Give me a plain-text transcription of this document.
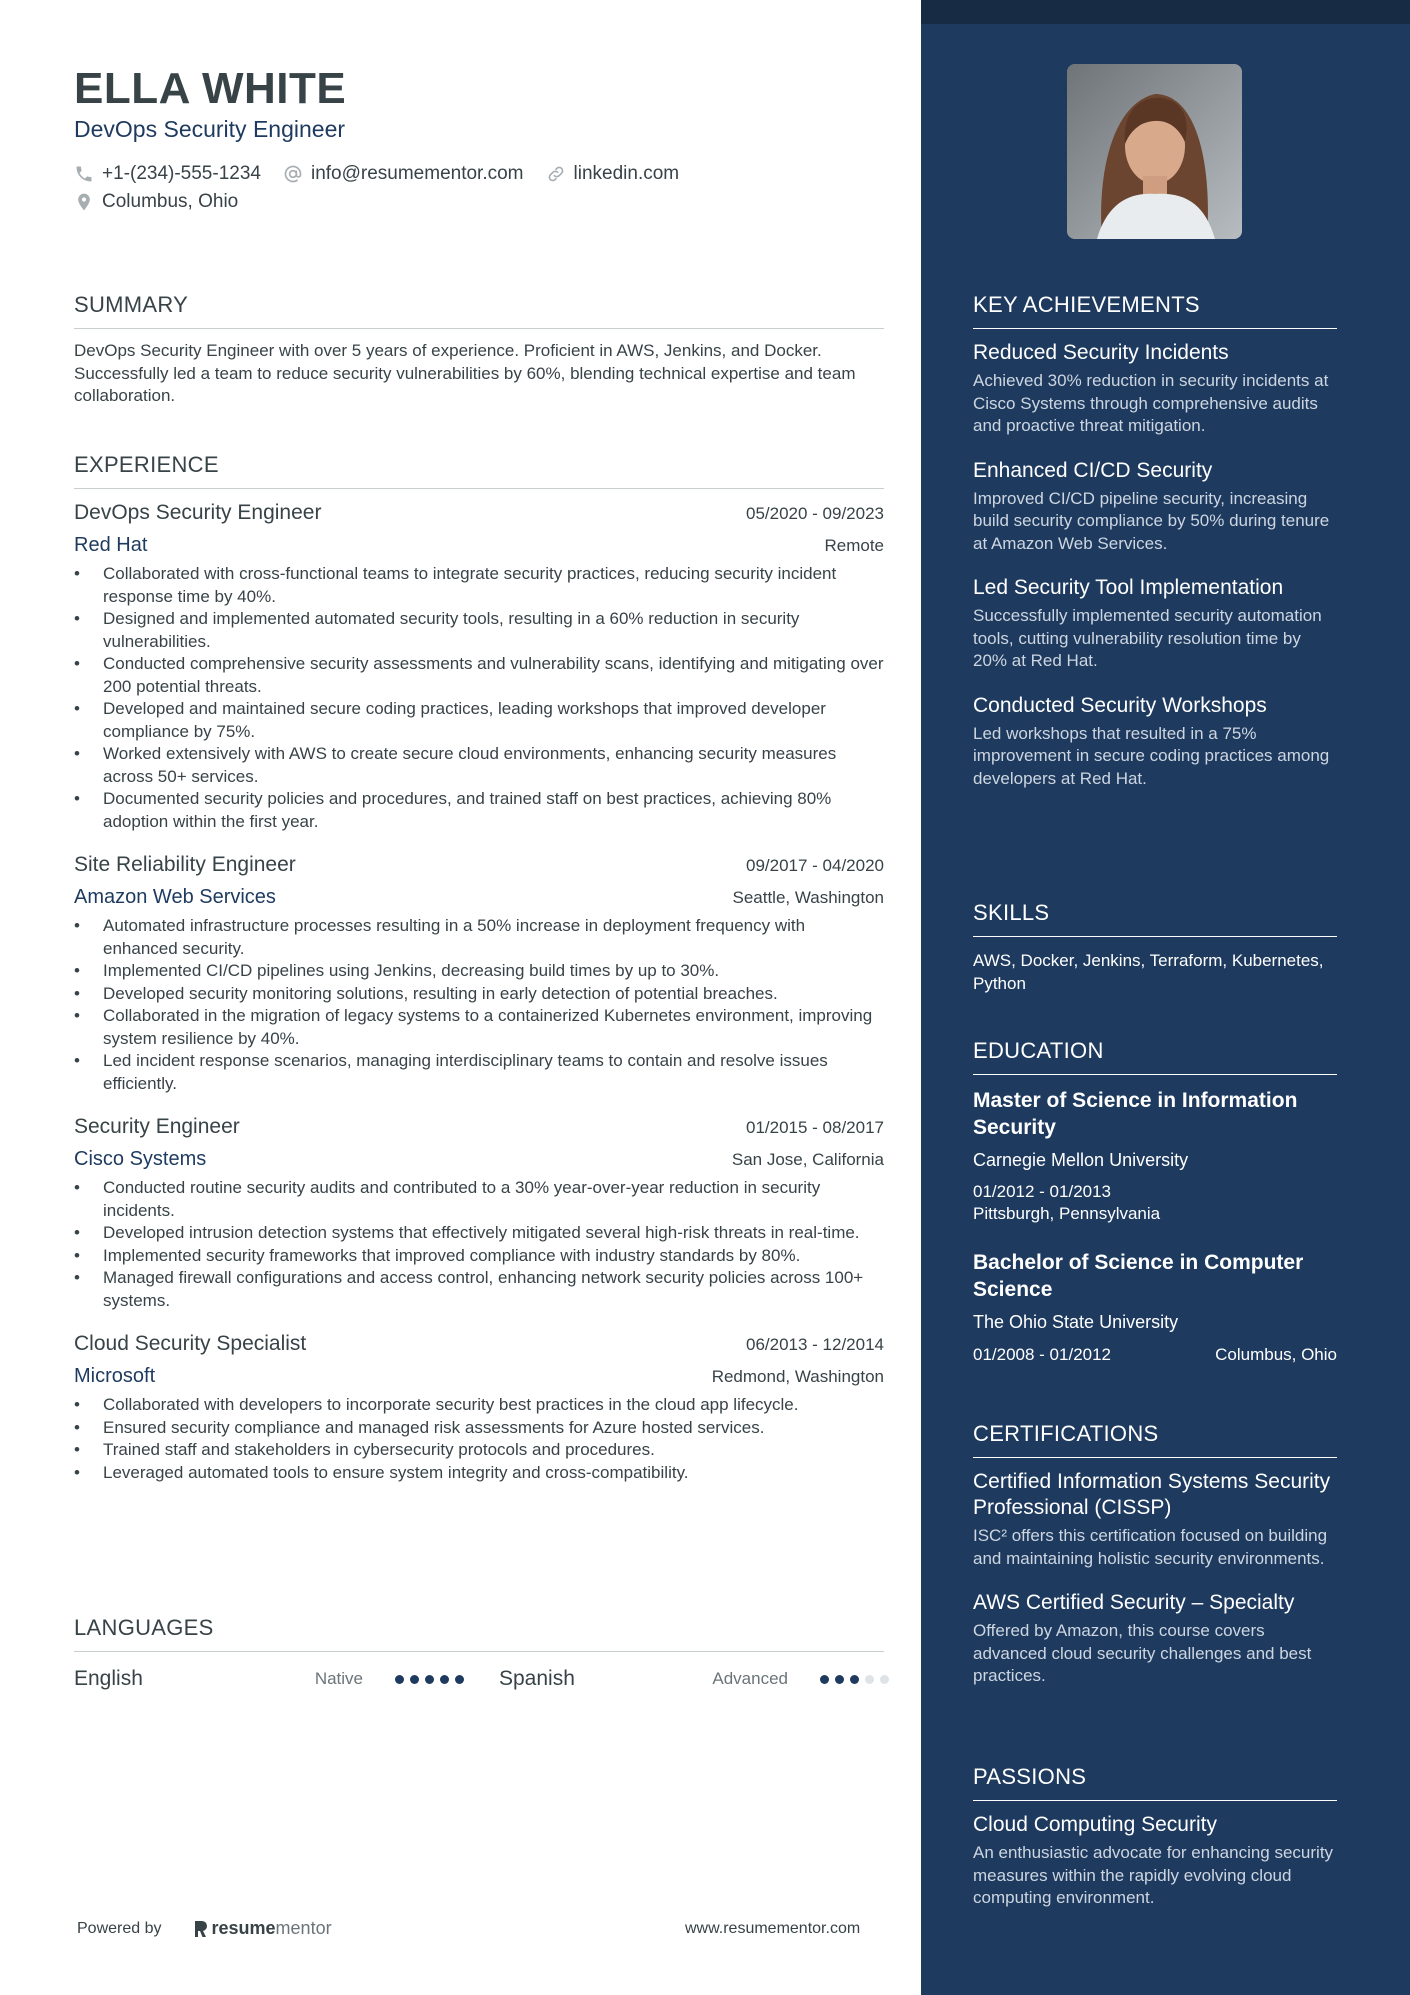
ELLA WHITE
DevOps Security Engineer
+1-(234)-555-1234	info@resumementor.com	linkedin.com
Columbus, Ohio
SUMMARY

DevOps Security Engineer with over 5 years of experience. Proficient in AWS, Jenkins, and Docker. Successfully led a team to reduce security vulnerabilities by 60%, blending technical expertise and team collaboration.

EXPERIENCE
DevOps Security Engineer	05/2020 - 09/2023
Red Hat	Remote
• Collaborated with cross-functional teams to integrate security practices, reducing security incident response time by 40%.
• Designed and implemented automated security tools, resulting in a 60% reduction in security vulnerabilities.
• Conducted comprehensive security assessments and vulnerability scans, identifying and mitigating over 200 potential threats.
• Developed and maintained secure coding practices, leading workshops that improved developer compliance by 75%.
• Worked extensively with AWS to create secure cloud environments, enhancing security measures across 50+ services.
• Documented security policies and procedures, and trained staff on best practices, achieving 80% adoption within the first year.
Site Reliability Engineer	09/2017 - 04/2020
Amazon Web Services	Seattle, Washington
• Automated infrastructure processes resulting in a 50% increase in deployment frequency with enhanced security.
• Implemented CI/CD pipelines using Jenkins, decreasing build times by up to 30%.
• Developed security monitoring solutions, resulting in early detection of potential breaches.
• Collaborated in the migration of legacy systems to a containerized Kubernetes environment, improving system resilience by 40%.
• Led incident response scenarios, managing interdisciplinary teams to contain and resolve issues efficiently.
Security Engineer	01/2015 - 08/2017
Cisco Systems	San Jose, California
• Conducted routine security audits and contributed to a 30% year-over-year reduction in security incidents.
• Developed intrusion detection systems that effectively mitigated several high-risk threats in real-time.
• Implemented security frameworks that improved compliance with industry standards by 80%.
• Managed firewall configurations and access control, enhancing network security policies across 100+ systems.
Cloud Security Specialist	06/2013 - 12/2014
Microsoft	Redmond, Washington
• Collaborated with developers to incorporate security best practices in the cloud app lifecycle.
• Ensured security compliance and managed risk assessments for Azure hosted services.
• Trained staff and stakeholders in cybersecurity protocols and procedures.
• Leveraged automated tools to ensure system integrity and cross-compatibility.
LANGUAGES
English	Native	Spanish	Advanced
Powered by	resume mentor	www.resumementor.com
KEY ACHIEVEMENTS
Reduced Security Incidents
Achieved 30% reduction in security incidents at Cisco Systems through comprehensive audits and proactive threat mitigation.
Enhanced CI/CD Security
Improved CI/CD pipeline security, increasing build security compliance by 50% during tenure at Amazon Web Services.
Led Security Tool Implementation
Successfully implemented security automation tools, cutting vulnerability resolution time by 20% at Red Hat.
Conducted Security Workshops
Led workshops that resulted in a 75% improvement in secure coding practices among developers at Red Hat.
SKILLS
AWS, Docker, Jenkins, Terraform, Kubernetes, Python
EDUCATION
Master of Science in Information Security
Carnegie Mellon University
01/2012 - 01/2013
Pittsburgh, Pennsylvania
Bachelor of Science in Computer Science
The Ohio State University
01/2008 - 01/2012	Columbus, Ohio
CERTIFICATIONS
Certified Information Systems Security Professional (CISSP)
ISC² offers this certification focused on building and maintaining holistic security environments.
AWS Certified Security – Specialty
Offered by Amazon, this course covers advanced cloud security challenges and best practices.
PASSIONS
Cloud Computing Security
An enthusiastic advocate for enhancing security measures within the rapidly evolving cloud computing environment.
